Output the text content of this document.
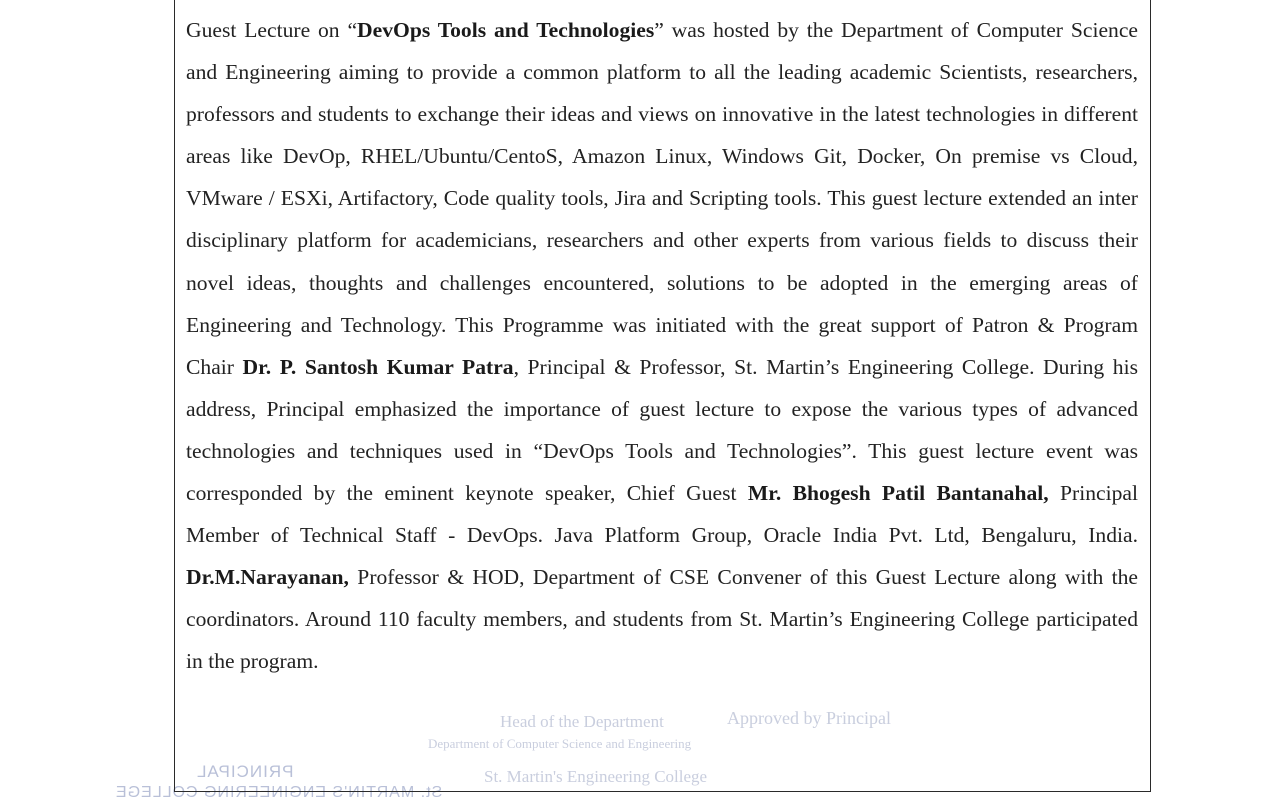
PRINCIPAL
St. MARTIN'S ENGINEERING COLLEGE
Approved by Principal
Head of the Department
Department of Computer Science and Engineering
St. Martin's Engineering College

Guest Lecture on “DevOps Tools and Technologies” was hosted by the Department of Computer Science and Engineering aiming to provide a common platform to all the leading academic Scientists, researchers, professors and students to exchange their ideas and views on innovative in the latest technologies in different areas like DevOp, RHEL/Ubuntu/CentoS, Amazon Linux, Windows Git, Docker, On premise vs Cloud, VMware / ESXi, Artifactory, Code quality tools, Jira and Scripting tools. This guest lecture extended an inter disciplinary platform for academicians, researchers and other experts from various fields to discuss their novel ideas, thoughts and challenges encountered, solutions to be adopted in the emerging areas of Engineering and Technology. This Programme was initiated with the great support of Patron & Program Chair Dr. P. Santosh Kumar Patra, Principal & Professor, St. Martin’s Engineering College. During his address, Principal emphasized the importance of guest lecture to expose the various types of advanced technologies and techniques used in “DevOps Tools and Technologies”. This guest lecture event was corresponded by the eminent keynote speaker, Chief Guest Mr. Bhogesh Patil Bantanahal, Principal Member of Technical Staff - DevOps. Java Platform Group, Oracle India Pvt. Ltd, Bengaluru, India. Dr.M.Narayanan, Professor & HOD, Department of CSE Convener of this Guest Lecture along with the coordinators. Around 110 faculty members, and students from St. Martin’s Engineering College participated in the program.
